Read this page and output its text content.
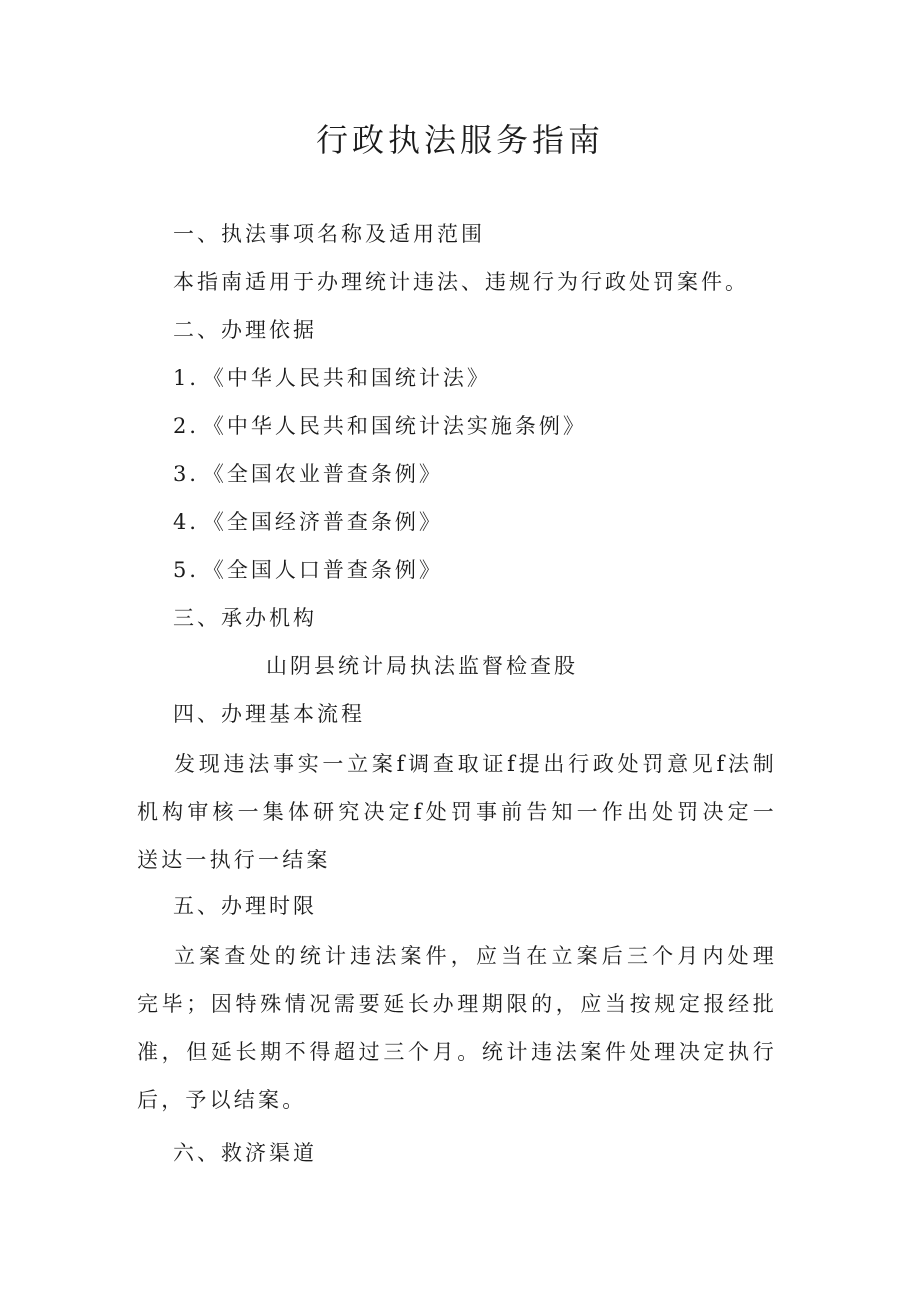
行政执法服务指南
一、执法事项名称及适用范围
本指南适用于办理统计违法、违规行为行政处罚案件。
二、办理依据
1．《中华人民共和国统计法》
2．《中华人民共和国统计法实施条例》
3．《全国农业普查条例》
4．《全国经济普查条例》
5．《全国人口普查条例》
三、承办机构
山阴县统计局执法监督检查股
四、办理基本流程
发现违法事实一立案f调查取证f提出行政处罚意见f法制机构审核一集体研究决定f处罚事前告知一作出处罚决定一送达一执行一结案
五、办理时限
立案查处的统计违法案件，应当在立案后三个月内处理完毕；因特殊情况需要延长办理期限的，应当按规定报经批准，但延长期不得超过三个月。统计违法案件处理决定执行后，予以结案。
六、救济渠道
